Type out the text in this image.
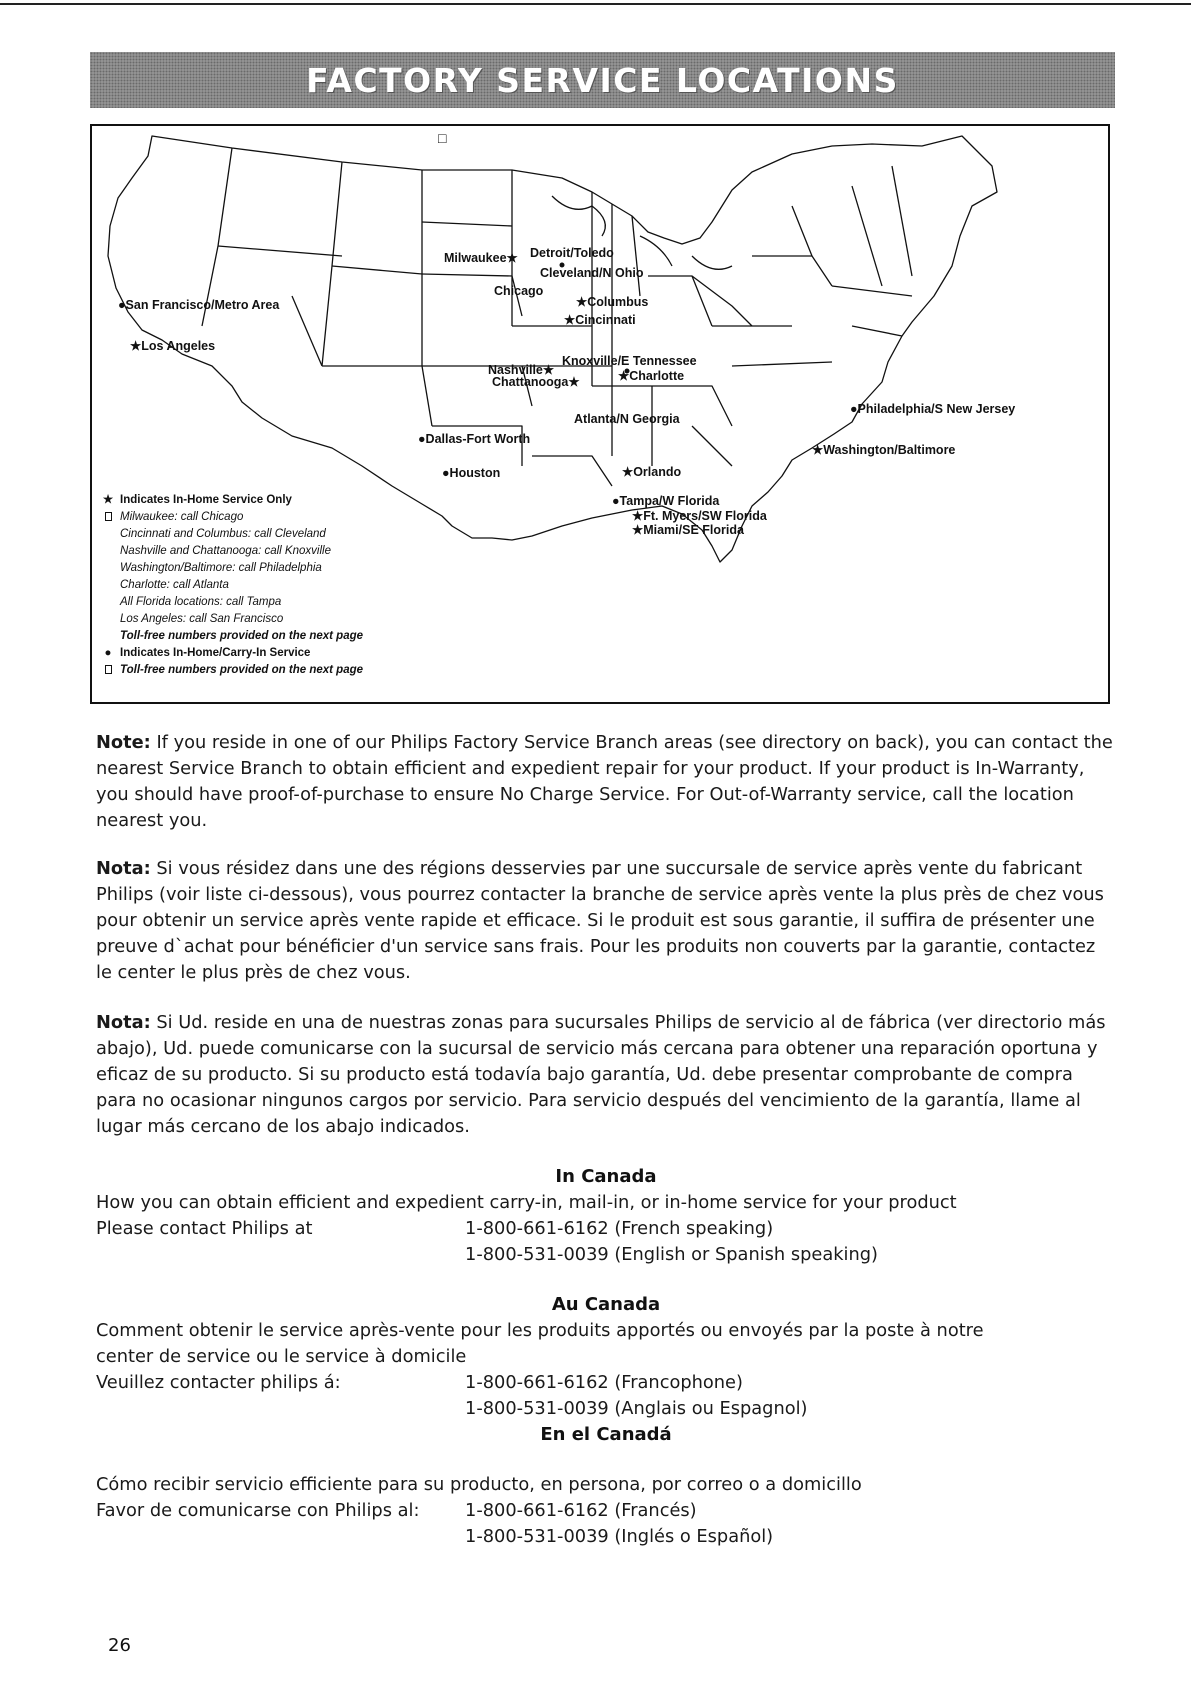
FACTORY SERVICE LOCATIONS
□
Milwaukee★ Detroit/Toledo
Cleveland/N Ohio
Chicago
★Columbus
★Cincinnati
●San Francisco/Metro Area
★Los Angeles
Nashville★
Knoxville/E Tennessee
Chattanooga★	★Charlotte
●Philadelphia/S New Jersey
Atlanta/N Georgia
●Dallas-Fort Worth
★Washington/Baltimore
●Houston	★Orlando
●Tampa/W Florida
★Ft. Myers/SW Florida
★Miami/SE Florida
★ Indicates In-Home Service Only
Milwaukee: call Chicago
Cincinnati and Columbus: call Cleveland
Nashville and Chattanooga: call Knoxville
Washington/Baltimore: call Philadelphia
Charlotte: call Atlanta
All Florida locations: call Tampa
Los Angeles: call San Francisco
Toll-free numbers provided on the next page
● Indicates In-Home/Carry-In Service
Toll-free numbers provided on the next page
Note: If you reside in one of our Philips Factory Service Branch areas (see directory on back), you can contact the nearest Service Branch to obtain efficient and expedient repair for your product. If your product is In-Warranty, you should have proof-of-purchase to ensure No Charge Service. For Out-of-Warranty service, call the location nearest you.
Nota: Si vous résidez dans une des régions desservies par une succursale de service après vente du fabricant Philips (voir liste ci-dessous), vous pourrez contacter la branche de service après vente la plus près de chez vous pour obtenir un service après vente rapide et efficace. Si le produit est sous garantie, il suffira de présenter une preuve d`achat pour bénéficier d'un service sans frais. Pour les produits non couverts par la garantie, contactez le center le plus près de chez vous.
Nota: Si Ud. reside en una de nuestras zonas para sucursales Philips de servicio al de fábrica (ver directorio más abajo), Ud. puede comunicarse con la sucursal de servicio más cercana para obtener una reparación oportuna y eficaz de su producto. Si su producto está todavía bajo garantía, Ud. debe presentar comprobante de compra para no ocasionar ningunos cargos por servicio. Para servicio después del vencimiento de la garantía, llame al lugar más cercano de los abajo indicados.
In Canada
How you can obtain efficient and expedient carry-in, mail-in, or in-home service for your product
Please contact Philips at	1-800-661-6162 (French speaking)
1-800-531-0039 (English or Spanish speaking)
Au Canada
Comment obtenir le service après-vente pour les produits apportés ou envoyés par la poste à notre
center de service ou le service à domicile
Veuillez contacter philips á:	1-800-661-6162 (Francophone)
1-800-531-0039 (Anglais ou Espagnol)
En el Canadá
Cómo recibir servicio efficiente para su producto, en persona, por correo o a domicillo
Favor de comunicarse con Philips al:	1-800-661-6162 (Francés)
1-800-531-0039 (Inglés o Español)
26
